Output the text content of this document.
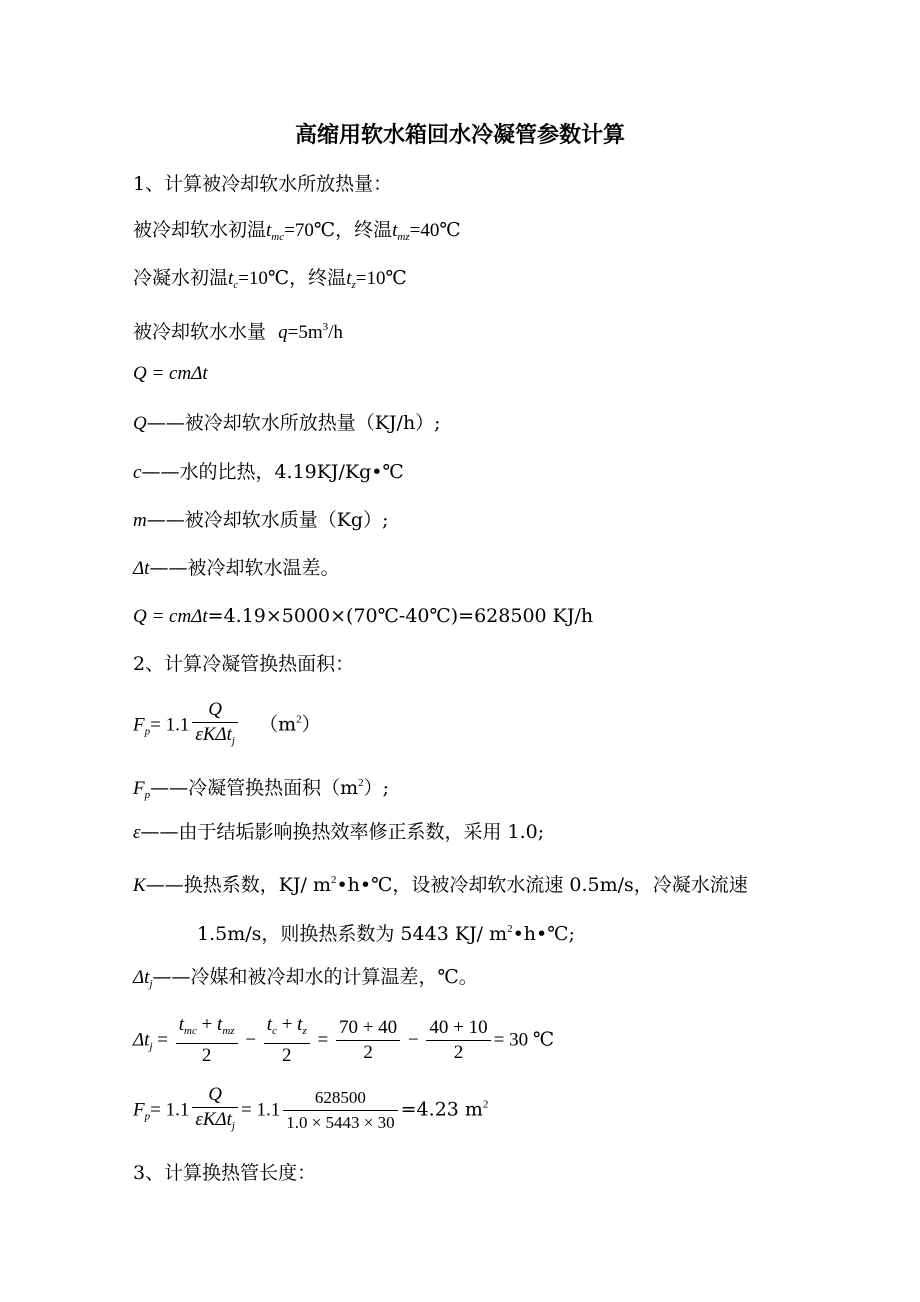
高缩用软水箱回水冷凝管参数计算
1、计算被冷却软水所放热量：
被冷却软水初温$t_{mc}=70℃$，终温$t_{mz}=40℃$
冷凝水初温$t_c=10℃$，终温$t_z=10℃$
被冷却软水水量 $q=5m^3/h$
Q = cmΔt
Q——被冷却软水所放热量（KJ/h）;
c——水的比热，4.19KJ/Kg•℃
m——被冷却软水质量（Kg）;
Δt——被冷却软水温差。
Q = cmΔt=4.19×5000×(70℃-40℃)=628500 KJ/h
2、计算冷凝管换热面积：
$F_p= 1.1 \frac{Q}{\varepsilon K\Delta t_j} (m^2)$
$F_p——$冷凝管换热面积$(m^2)$;
ε——由于结垢影响换热效率修正系数，采用 1.0;
K——换热系数，KJ/ $m^2•h•℃$，设被冷却软水流速 0.5m/s，冷凝水流速
1.5m/s，则换热系数为 5443 KJ/ $m^2•h•℃$;
$\Delta t_j——$冷媒和被冷却水的计算温差，℃。
$\Delta t_j = \frac{t_{mc} + t_{mz}}{2} - \frac{t_c + t_z}{2} = \frac{70 + 40}{2} - \frac{40 + 10}{2} = 30$ ℃
$F_p= 1.1 \frac{Q}{\varepsilon K\Delta t_j} = 1.1 \frac{628500}{1.0 \times 5443 \times 30} =4.23$ $m^2$
3、计算换热管长度：
